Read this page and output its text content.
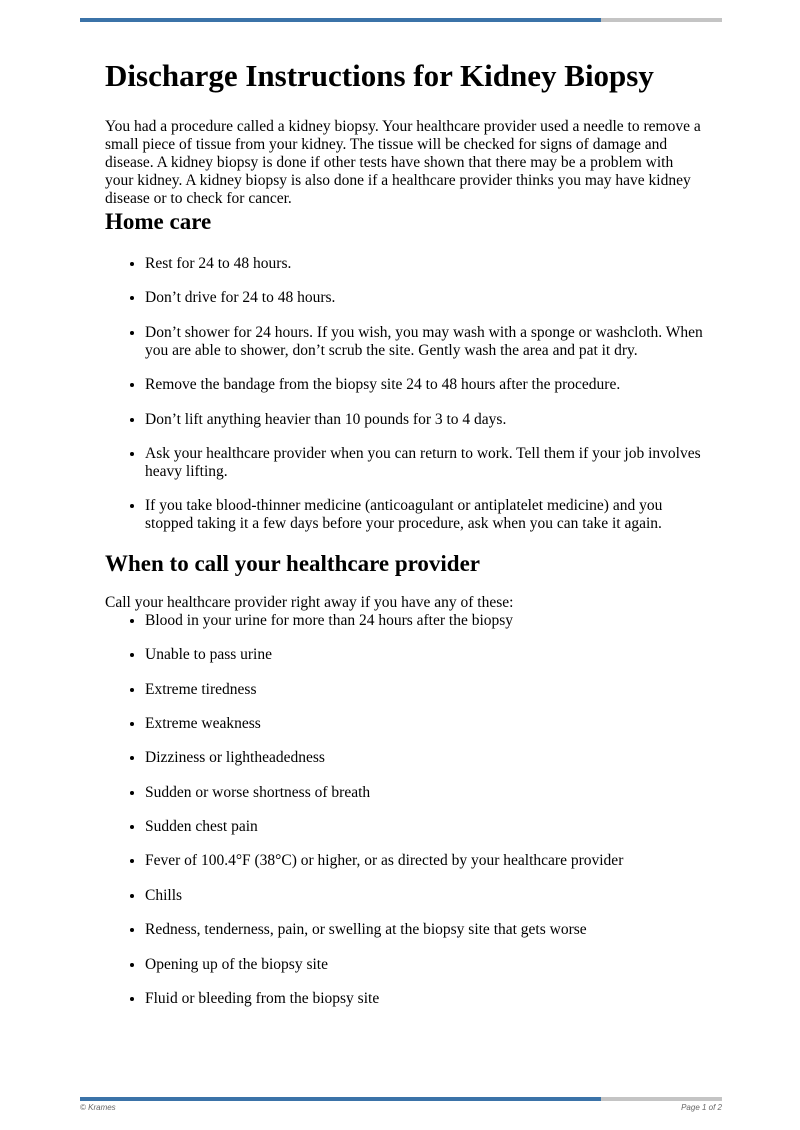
Discharge Instructions for Kidney Biopsy

You had a procedure called a kidney biopsy. Your healthcare provider used a needle to remove a small piece of tissue from your kidney. The tissue will be checked for signs of damage and disease. A kidney biopsy is done if other tests have shown that there may be a problem with your kidney. A kidney biopsy is also done if a healthcare provider thinks you may have kidney disease or to check for cancer.

Home care
• Rest for 24 to 48 hours.
• Don’t drive for 24 to 48 hours.
• Don’t shower for 24 hours. If you wish, you may wash with a sponge or washcloth. When you are able to shower, don’t scrub the site. Gently wash the area and pat it dry.
• Remove the bandage from the biopsy site 24 to 48 hours after the procedure.
• Don’t lift anything heavier than 10 pounds for 3 to 4 days.
• Ask your healthcare provider when you can return to work. Tell them if your job involves heavy lifting.
• If you take blood-thinner medicine (anticoagulant or antiplatelet medicine) and you stopped taking it a few days before your procedure, ask when you can take it again.
When to call your healthcare provider

Call your healthcare provider right away if you have any of these:

• Blood in your urine for more than 24 hours after the biopsy
• Unable to pass urine
• Extreme tiredness
• Extreme weakness
• Dizziness or lightheadedness
• Sudden or worse shortness of breath
• Sudden chest pain
• Fever of 100.4°F (38°C) or higher, or as directed by your healthcare provider
• Chills
• Redness, tenderness, pain, or swelling at the biopsy site that gets worse
• Opening up of the biopsy site
• Fluid or bleeding from the biopsy site
© Krames	Page 1 of 2
